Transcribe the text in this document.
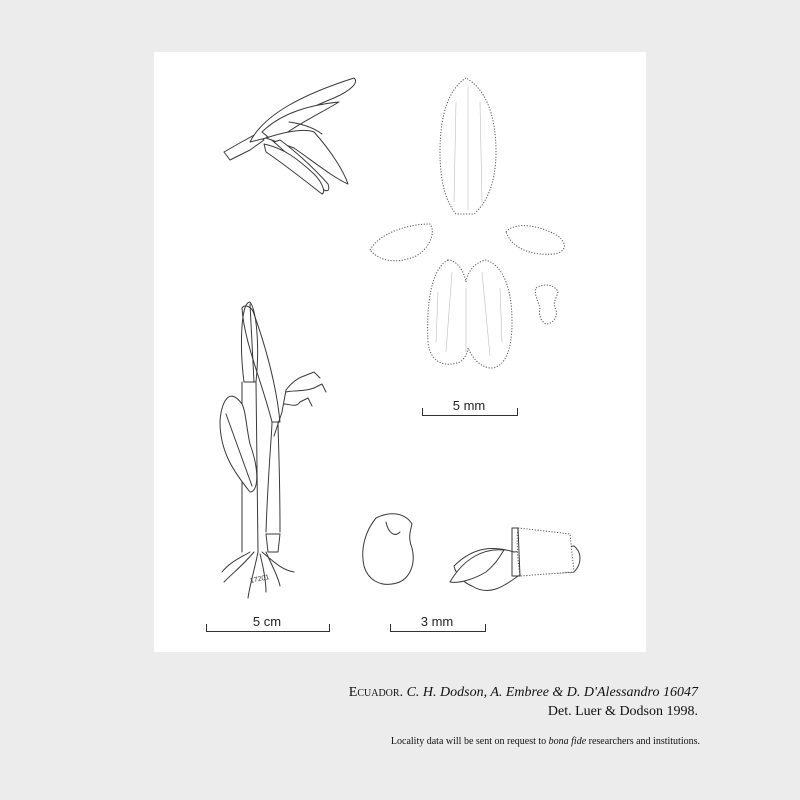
5 mm
5 cm	3 mm
17201
Ecuador. C. H. Dodson, A. Embree & D. D'Alessandro 16047
Det. Luer & Dodson 1998.
Locality data will be sent on request to bona fide researchers and institutions.
